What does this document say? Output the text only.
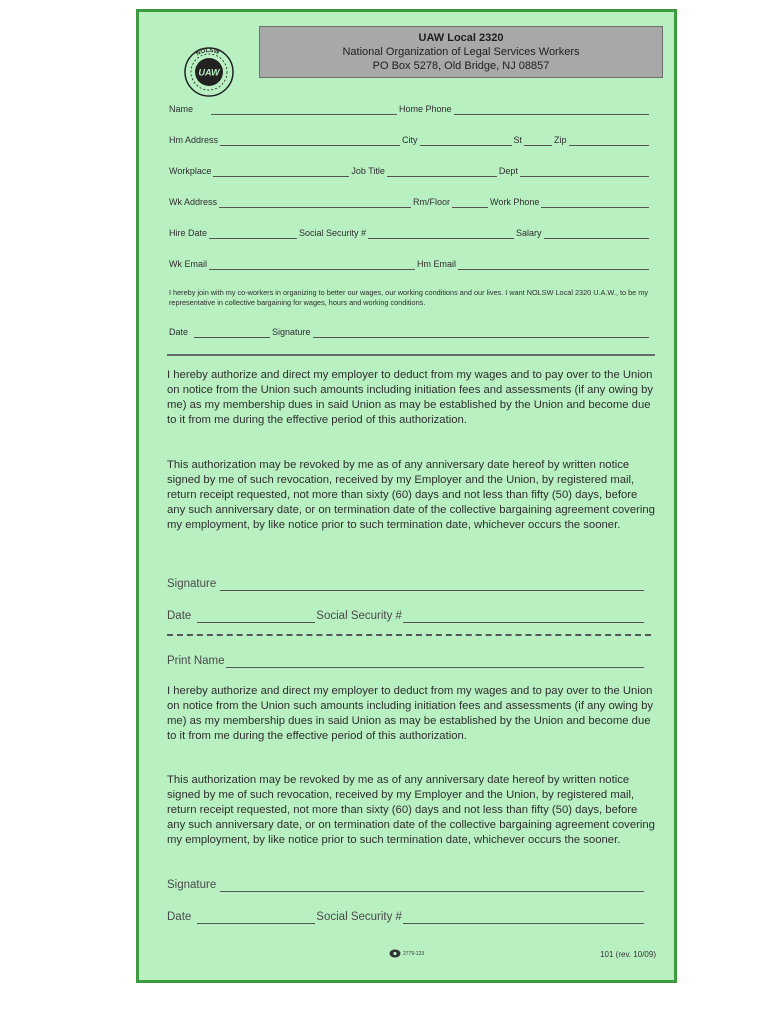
UAW Local 2320
National Organization of Legal Services Workers
PO Box 5278, Old Bridge, NJ 08857
UAW
NOLSW
Name	Home Phone
Hm Address	City	St	Zip
Workplace	Job Title	Dept
Wk Address	Rm/Floor	Work Phone
Hire Date	Social Security #	Salary
Wk Email	Hm Email
I hereby join with my co-workers in organizing to better our wages, our working conditions and our lives. I want NOLSW Local 2320 U.A.W., to be my representative in collective bargaining for wages, hours and working conditions.
Date	Signature
I hereby authorize and direct my employer to deduct from my wages and to pay over to the Union on notice from the Union such amounts including initiation fees and assessments (if any owing by me) as my membership dues in said Union as may be established by the Union and become due to it from me during the effective period of this authorization.
This authorization may be revoked by me as of any anniversary date hereof by written notice signed by me of such revocation, received by my Employer and the Union, by registered mail, return receipt requested, not more than sixty (60) days and not less than fifty (50) days, before any such anniversary date, or on termination date of the collective bargaining agreement covering my employment, by like notice prior to such termination date, whichever occurs the sooner.
Signature
Date	Social Security #
Print Name
I hereby authorize and direct my employer to deduct from my wages and to pay over to the Union on notice from the Union such amounts including initiation fees and assessments (if any owing by me) as my membership dues in said Union as may be established by the Union and become due to it from me during the effective period of this authorization.
This authorization may be revoked by me as of any anniversary date hereof by written notice signed by me of such revocation, received by my Employer and the Union, by registered mail, return receipt requested, not more than sixty (60) days and not less than fifty (50) days, before any such anniversary date, or on termination date of the collective bargaining agreement covering my employment, by like notice prior to such termination date, whichever occurs the sooner.
Signature
Date	Social Security #
2779-123	101 (rev. 10/09)
